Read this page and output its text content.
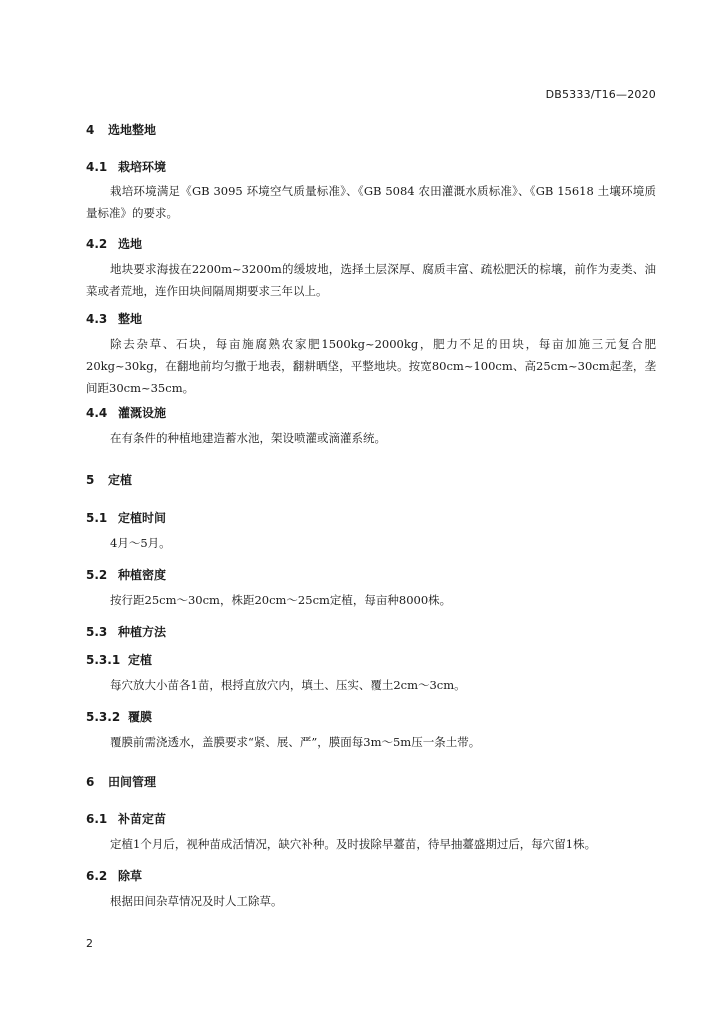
DB5333/T16—2020
4 选地整地
4.1 栽培环境
栽培环境满足《GB 3095 环境空气质量标准》、《GB 5084 农田灌溉水质标准》、《GB 15618 土壤环境质量标准》的要求。
4.2 选地
地块要求海拔在2200m~3200m的缓坡地，选择土层深厚、腐质丰富、疏松肥沃的棕壤，前作为麦类、油菜或者荒地，连作田块间隔周期要求三年以上。
4.3 整地
除去杂草、石块，每亩施腐熟农家肥1500kg~2000kg，肥力不足的田块，每亩加施三元复合肥20kg~30kg，在翻地前均匀撒于地表，翻耕晒垡，平整地块。按宽80cm~100cm、高25cm~30cm起垄，垄间距30cm~35cm。
4.4 灌溉设施
在有条件的种植地建造蓄水池，架设喷灌或滴灌系统。
5 定植
5.1 定植时间
4月～5月。
5.2 种植密度
按行距25cm～30cm，株距20cm～25cm定植，每亩种8000株。
5.3 种植方法
5.3.1 定植
每穴放大小苗各1苗，根捋直放穴内，填土、压实、覆土2cm～3cm。
5.3.2 覆膜
覆膜前需浇透水，盖膜要求“紧、展、严”，膜面每3m～5m压一条土带。
6 田间管理
6.1 补苗定苗
定植1个月后，视种苗成活情况，缺穴补种。及时拔除早薹苗，待早抽薹盛期过后，每穴留1株。
6.2 除草
根据田间杂草情况及时人工除草。
2
